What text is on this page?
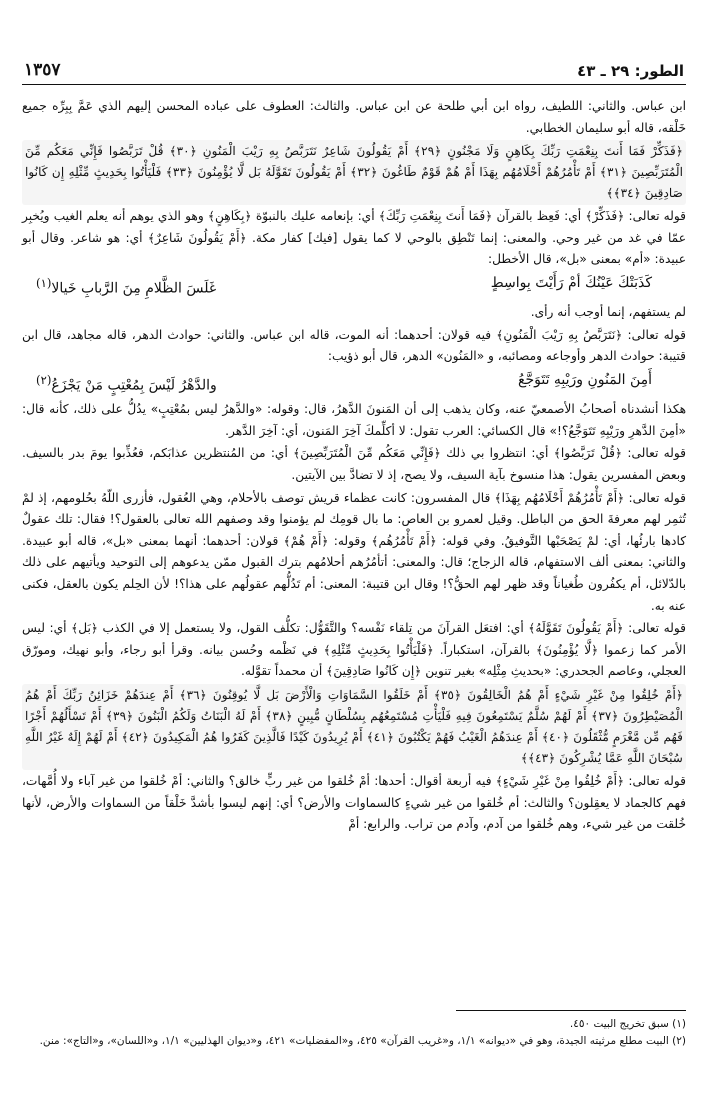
الطور: ٢٩ ـ ٤٣
١٣٥٧

ابن عباس. والثاني: اللطيف، رواه ابن أبي طلحة عن ابن عباس. والثالث: العطوف على عباده المحسن إليهم الذي عَمَّ بِبِرِّه جميع خَلْقه، قاله أبو سليمان الخطابي.

﴿فَذَكِّرْ فَمَا أَنتَ بِنِعْمَتِ رَبِّكَ بِكَاهِنٍ وَلَا مَجْنُونٍ ﴿٢٩﴾ أَمْ يَقُولُونَ شَاعِرٌ نَتَرَبَّصُ بِهِ رَيْبَ الْمَنُونِ ﴿٣٠﴾ قُلْ تَرَبَّصُوا فَإِنِّي مَعَكُم مِّنَ الْمُتَرَبِّصِينَ ﴿٣١﴾ أَمْ تَأْمُرُهُمْ أَحْلَامُهُم بِهَذَا أَمْ هُمْ قَوْمٌ طَاغُونَ ﴿٣٢﴾ أَمْ يَقُولُونَ تَقَوَّلَهُ بَل لَّا يُؤْمِنُونَ ﴿٣٣﴾ فَلْيَأْتُوا بِحَدِيثٍ مِّثْلِهِ إِن كَانُوا صَادِقِينَ ﴿٣٤﴾﴾

قوله تعالى: ﴿فَذَكِّرْ﴾ أي: فَعِظ بالقرآن ﴿فَمَا أَنتَ بِنِعْمَتِ رَبِّكَ﴾ أي: بإنعامه عليك بالنبوّة ﴿بِكَاهِنٍ﴾ وهو الذي يوهم أنه يعلم الغيب ويُخبِر عمّا في غد من غير وحي. والمعنى: إنما تَنْطِق بالوحي لا كما يقول [فيك] كفار مكة. ﴿أَمْ يَقُولُونَ شَاعِرٌ﴾ أي: هو شاعر. وقال أبو عبيدة: «أم» بمعنى «بل»، قال الأخطل:

كَذَبَتْكَ عَيْنُكَ أمْ رَأَيْتَ بِواسِطٍ
غَلَسَ الظَّلامِ مِنَ الرَّبابِ خَيالا$^{(١)}$

لم يستفهم، إنما أوجب أنه رأى.

قوله تعالى: ﴿نَتَرَبَّصُ بِهِ رَيْبَ الْمَنُونِ﴾ فيه قولان: أحدهما: أنه الموت، قاله ابن عباس. والثاني: حوادث الدهر، قاله مجاهد، قال ابن قتيبة: حوادث الدهر وأوجاعه ومصائبه، و «المَنُون» الدهر، قال أبو ذؤيب:

أَمِنَ المَنُونِ ورَيْبِهِ تَتَوَجَّعُ
والدَّهْرُ لَيْسَ بِمُعْتِبٍ مَنْ يَجْزَعُ$^{(٢)}$

هكذا أنشدناه أصحابُ الأصمعيّ عنه، وكان يذهب إلى أن المَنونَ الدَّهرُ، قال: وقوله: «والدَّهرُ ليس بمُعْتِبٍ» يدُلُّ على ذلك، كأنه قال: «أمِنَ الدَّهرِ ورَيْبِهِ تَتَوَجَّعُ؟!» قال الكسائي: العرب تقول: لا أكلِّمكَ آخِرَ المَنون، أي: آخِرَ الدَّهر.

قوله تعالى: ﴿قُلْ تَرَبَّصُوا﴾ أي: انتظروا بي ذلك ﴿فَإِنِّي مَعَكُم مِّنَ الْمُتَرَبِّصِينَ﴾ أي: من المُنتظرين عذابَكم، فعُذِّبوا يومَ بدر بالسيف. وبعض المفسرين يقول: هذا منسوخ بآية السيف، ولا يصح، إذ لا تضادَّ بين الآيتين.

قوله تعالى: ﴿أَمْ تَأْمُرُهُمْ أَحْلَامُهُم بِهَذَا﴾ قال المفسرون: كانت عظماء قريش توصف بالأحلام، وهي العُقول، فأزرى اللّهُ بحُلومهم، إذ لمْ تُثمِر لهم معرفةَ الحق من الباطل. وقيل لعمرو بن العاص: ما بال قومِك لم يؤمنوا وقد وصفهم الله تعالى بالعقول؟! فقال: تلك عقولٌ كادها بارئُها، أي: لمْ يَصْحَبْها التَّوفيقُ. وفي قوله: ﴿أَمْ تَأْمُرُهُم﴾ وقوله: ﴿أَمْ هُمْ﴾ قولان: أحدهما: أنهما بمعنى «بل»، قاله أبو عبيدة. والثاني: بمعنى ألف الاستفهام، قاله الزجاج؛ قال: والمعنى: أتأمُرُهم أحلامُهم بترك القبول ممّن يدعوهم إلى التوحيد ويأتيهم على ذلك بالدّلائل، أم يكفُرون طُغياناً وقد ظهر لهم الحقُّ؟! وقال ابن قتيبة: المعنى: أم تَدُلُّهم عقولُهم على هذا؟! لأن الحِلم يكون بالعقل، فكنى عنه به.

قوله تعالى: ﴿أَمْ يَقُولُونَ تَقَوَّلَهُ﴾ أي: افتعَل القرآنَ من تِلقاء نَفْسه؟ والتَّقَوُّل: تكلُّف القول، ولا يستعمل إلا في الكذب ﴿بَل﴾ أي: ليس الأمر كما زعموا ﴿لَّا يُؤْمِنُونَ﴾ بالقرآن، استكباراً. ﴿فَلْيَأْتُوا بِحَدِيثٍ مِّثْلِهِ﴾ في نَظْمه وحُسن بيانه. وقرأ أبو رجاء، وأبو نهيك، ومورّق العجلي، وعاصم الجحدري: «بحديثِ مِثْلِه» بغير تنوين ﴿إِن كَانُوا صَادِقِينَ﴾ أن محمداً تقوَّله.

﴿أَمْ خُلِقُوا مِنْ غَيْرِ شَيْءٍ أَمْ هُمُ الْخَالِقُونَ ﴿٣٥﴾ أَمْ خَلَقُوا السَّمَاوَاتِ وَالْأَرْضَ بَل لَّا يُوقِنُونَ ﴿٣٦﴾ أَمْ عِندَهُمْ خَزَائِنُ رَبِّكَ أَمْ هُمُ الْمُصَيْطِرُونَ ﴿٣٧﴾ أَمْ لَهُمْ سُلَّمٌ يَسْتَمِعُونَ فِيهِ فَلْيَأْتِ مُسْتَمِعُهُم بِسُلْطَانٍ مُّبِينٍ ﴿٣٨﴾ أَمْ لَهُ الْبَنَاتُ وَلَكُمُ الْبَنُونَ ﴿٣٩﴾ أَمْ تَسْأَلُهُمْ أَجْرًا فَهُم مِّن مَّغْرَمٍ مُّثْقَلُونَ ﴿٤٠﴾ أَمْ عِندَهُمُ الْغَيْبُ فَهُمْ يَكْتُبُونَ ﴿٤١﴾ أَمْ يُرِيدُونَ كَيْدًا فَالَّذِينَ كَفَرُوا هُمُ الْمَكِيدُونَ ﴿٤٢﴾ أَمْ لَهُمْ إِلَهٌ غَيْرُ اللَّهِ سُبْحَانَ اللَّهِ عَمَّا يُشْرِكُونَ ﴿٤٣﴾﴾

قوله تعالى: ﴿أَمْ خُلِقُوا مِنْ غَيْرِ شَيْءٍ﴾ فيه أربعة أقوال: أحدها: أمْ خُلقوا من غير ربٍّ خالق؟ والثاني: أمْ خُلقوا من غير آباء ولا أُمَّهات، فهم كالجماد لا يعقِلون؟ والثالث: أم خُلقوا من غير شيءٍ كالسماوات والأرض؟ أي: إنهم ليسوا بأشدَّ خَلْقاً من السماوات والأرض، لأنها خُلقت من غير شيء، وهم خُلقوا من آدم، وآدم من تراب. والرابع: أمْ

(١) سبق تخريج البيت ٤٥٠.

(٢) البيت مطلع مرثيته الجيدة، وهو في «ديوانه» ١/١، و«غريب القرآن» ٤٢٥، و«المفضليات» ٤٢١، و«ديوان الهذليين» ١/١، و«اللسان»، و«التاج»: منن.
